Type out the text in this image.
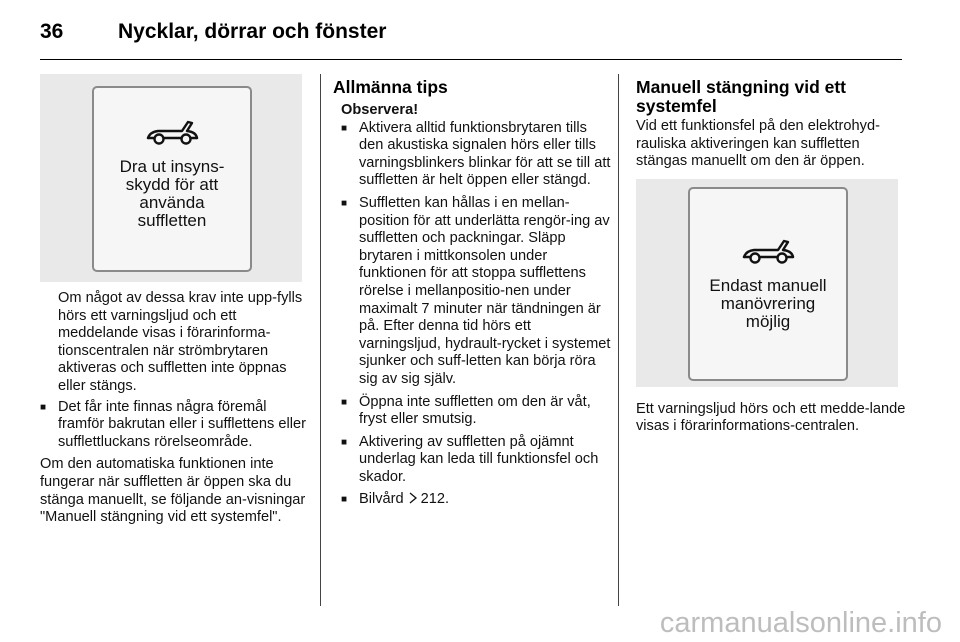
36	Nycklar, dörrar och fönster
Dra ut insyns-
skydd för att
använda
suffletten

Om något av dessa krav inte upp-fylls hörs ett varningsljud och ett meddelande visas i förarinforma-tionscentralen när strömbrytaren aktiveras och suffletten inte öppnas eller stängs.

■ Det får inte finnas några föremål framför bakrutan eller i sufflettens eller sufflettluckans rörelseområde.

Om den automatiska funktionen inte fungerar när suffletten är öppen ska du stänga manuellt, se följande an-visningar "Manuell stängning vid ett systemfel".

Allmänna tips
Observera!
■ Aktivera alltid funktionsbrytaren tills den akustiska signalen hörs eller tills varningsblinkers blinkar för att se till att suffletten är helt öppen eller stängd.
■ Suffletten kan hållas i en mellan-position för att underlätta rengör-ing av suffletten och packningar. Släpp brytaren i mittkonsolen under funktionen för att stoppa sufflettens rörelse i mellanpositio-nen under maximalt 7 minuter när tändningen är på. Efter denna tid hörs ett varningsljud, hydrault-rycket i systemet sjunker och suff-letten kan börja röra sig av sig själv.
■ Öppna inte suffletten om den är våt, fryst eller smutsig.
■ Aktivering av suffletten på ojämnt underlag kan leda till funktionsfel och skador.
■ Bilvård 212.
Manuell stängning vid ett systemfel

Vid ett funktionsfel på den elektrohyd-rauliska aktiveringen kan suffletten stängas manuellt om den är öppen.

Endast manuell
manövrering
möjlig

Ett varningsljud hörs och ett medde-lande visas i förarinformations-centralen.

carmanualsonline.info
